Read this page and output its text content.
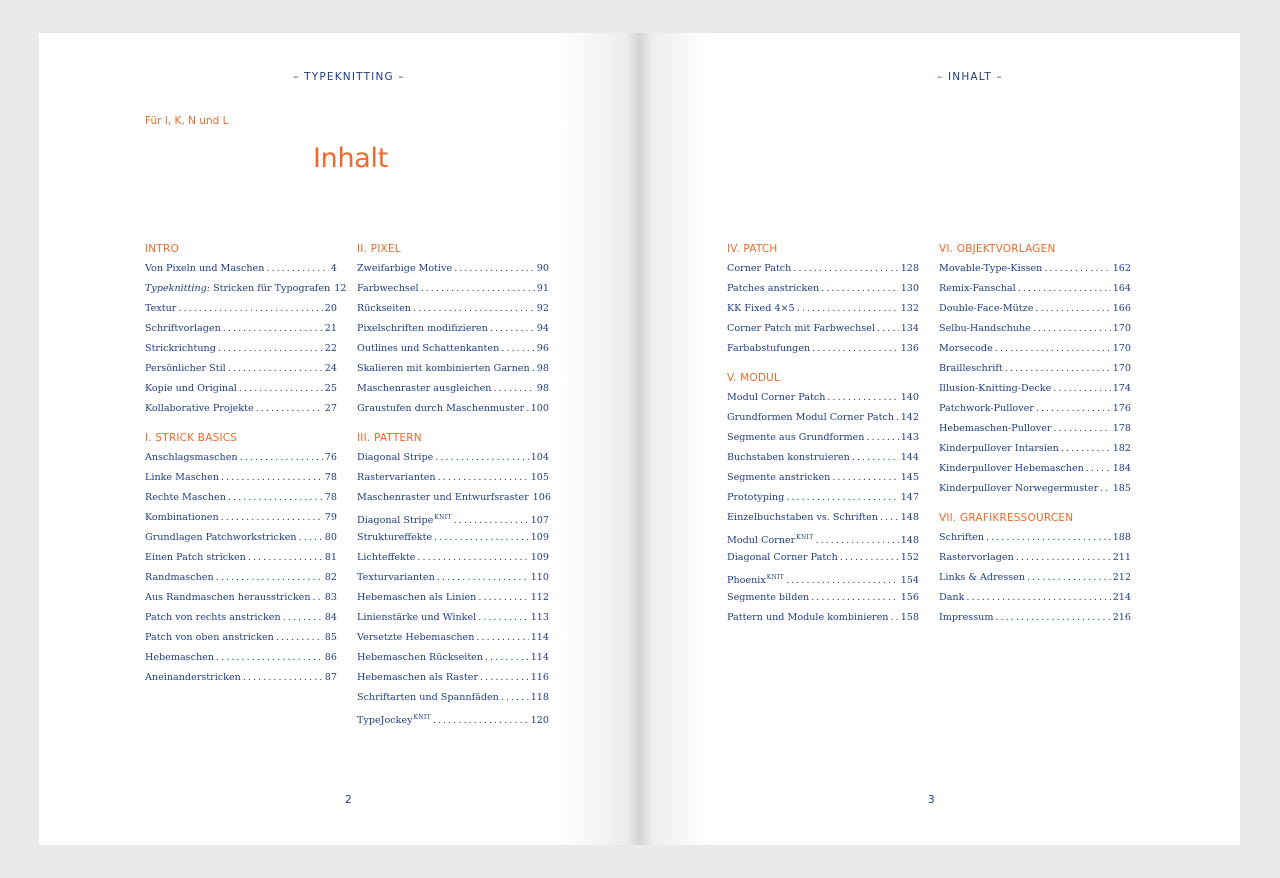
– TYPEKNITTING –
Für I, K, N und L
Inhalt
INTRO
Von Pixeln und Maschen . . .	4
Typeknitting: Stricken für Typografen 12
Textur . . .	20
Schriftvorlagen . . .	21
Strickrichtung . . .	22
Persönlicher Stil . . .	24
Kopie und Original . . .	25
Kollaborative Projekte . . .	27
I. STRICK BASICS
Anschlagsmaschen . . .	76
Linke Maschen . . .	78
Rechte Maschen . . .	78
Kombinationen . . .	79
Grundlagen Patchworkstricken . . .	80
Einen Patch stricken . . .	81
Randmaschen . . .	82
Aus Randmaschen herausstricken . . . 83
Patch von rechts anstricken . . .	84
Patch von oben anstricken . . .	85
Hebemaschen . . .	86
Aneinanderstricken . . .	87
II. PIXEL
Zweifarbige Motive . . .	90
Farbwechsel . . .	91
Rückseiten . . .	92
Pixelschriften modifizieren . . .	94
Outlines und Schattenkanten . . .	96
Skalieren mit kombinierten Garnen . . . 98
Maschenraster ausgleichen . . .	98
Graustufen durch Maschenmuster . . . 100
III. PATTERN
Diagonal Stripe . . .	104
Rastervarianten . . .	105
Maschenraster und Entwurfsraster 106
Diagonal Stripe$^{KNIT}$ . . .	107
Struktureffekte . . .	109
Lichteffekte . . .	109
Texturvarianten . . .	110
Hebemaschen als Linien . . .	112
Linienstärke und Winkel . . .	113
Versetzte Hebemaschen . . .	114
Hebemaschen Rückseiten . . .	114
Hebemaschen als Raster . . .	116
Schriftarten und Spannfäden . . .	118
TypeJockey$^{KNIT}$ . . .	120
2
– INHALT –
IV. PATCH
Corner Patch . . .	128
Patches anstricken . . .	130
KK Fixed 4×5 . . .	132
Corner Patch mit Farbwechsel . . .	134
Farbabstufungen . . .	136
V. MODUL
Modul Corner Patch . . .	140
Grundformen Modul Corner Patch . . . 142
Segmente aus Grundformen . . .	143
Buchstaben konstruieren . . .	144
Segmente anstricken . . .	145
Prototyping . . .	147
Einzelbuchstaben vs. Schriften . . . 148
Modul Corner$^{KNIT}$ . . .	148
Diagonal Corner Patch . . .	152
Phoenix$^{KNIT}$ . . .	154
Segmente bilden . . .	156
Pattern und Module kombinieren . . . 158
VI. OBJEKTVORLAGEN
Movable-Type-Kissen . . .	162
Remix-Fanschal . . .	164
Double-Face-Mütze . . .	166
Selbu-Handschuhe . . .	170
Morsecode . . .	170
Brailleschrift . . .	170
Illusion-Knitting-Decke . . .	174
Patchwork-Pullover . . .	176
Hebemaschen-Pullover . . .	178
Kinderpullover Intarsien . . .	182
Kinderpullover Hebemaschen . . .	184
Kinderpullover Norwegermuster . . . 185
VII. GRAFIKRESSOURCEN
Schriften . . .	188
Rastervorlagen . . .	211
Links & Adressen . . .	212
Dank . . .	214
Impressum . . .	216
3
